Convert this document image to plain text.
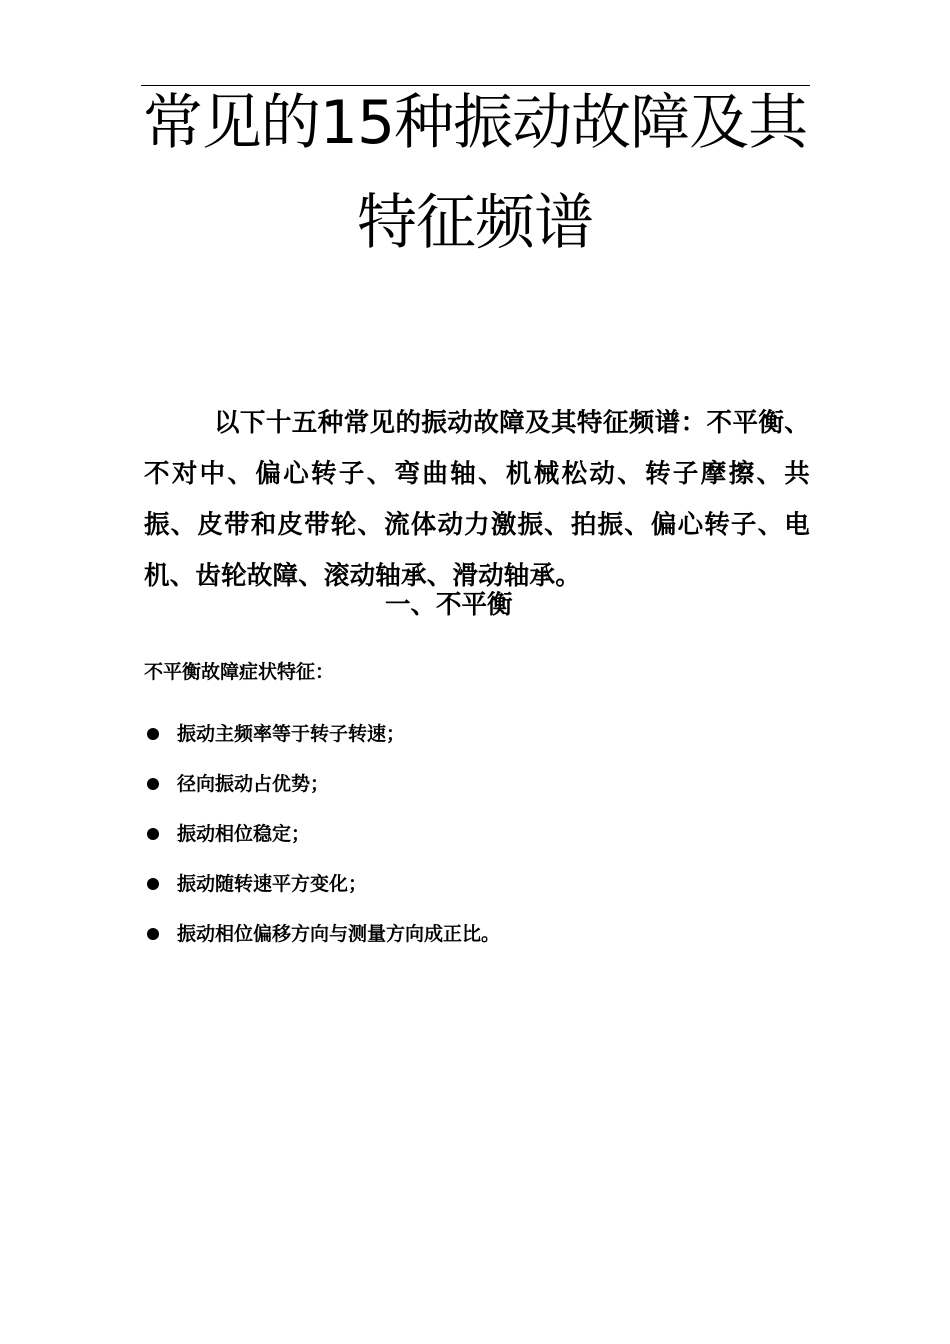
常见的15种振动故障及其
特征频谱

以下十五种常见的振动故障及其特征频谱：不平衡、不对中、偏心转子、弯曲轴、机械松动、转子摩擦、共振、皮带和皮带轮、流体动力激振、拍振、偏心转子、电机、齿轮故障、滚动轴承、滑动轴承。

一、不平衡
不平衡故障症状特征：
振动主频率等于转子转速；
径向振动占优势；
振动相位稳定；
振动随转速平方变化；
振动相位偏移方向与测量方向成正比。
